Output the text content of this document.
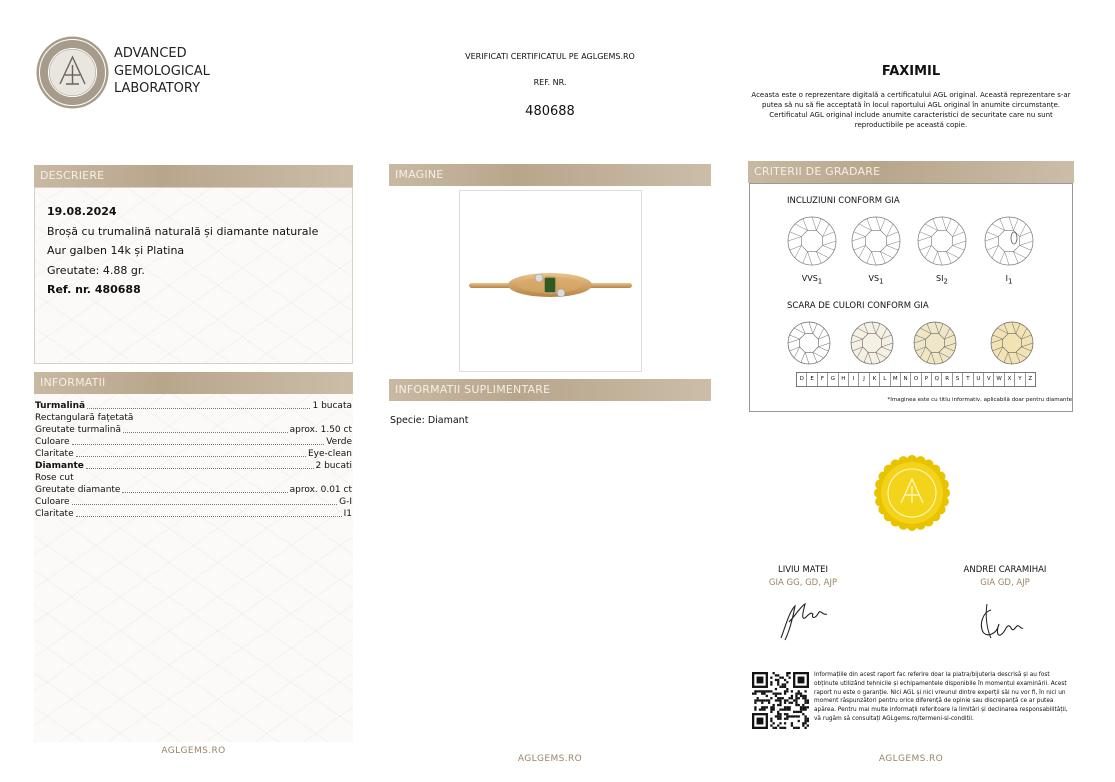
ADVANCED
GEMOLOGICAL
LABORATORY
VERIFICATI CERTIFICATUL PE AGLGEMS.RO
REF. NR.
480688
FAXIMIL
Aceasta este o reprezentare digitală a certificatului AGL original. Această reprezentare s-ar putea să nu să fie acceptată în locul raportului AGL original în anumite circumstanțe. Certificatul AGL original include anumite caracteristici de securitate care nu sunt reproductibile pe această copie.
DESCRIERE
19.08.2024
Broșă cu trumalină naturală și diamante naturale
Aur galben 14k și Platina
Greutate: 4.88 gr.
Ref. nr. 480688
INFORMATII
Turmalină	1 bucata
Rectangulară fațetată
Greutate turmalină	aprox. 1.50 ct
Culoare	Verde
Claritate	Eye-clean
Diamante	2 bucati
Rose cut
Greutate diamante	aprox. 0.01 ct
Culoare	G-I
Claritate	I1
IMAGINE
INFORMATII SUPLIMENTARE
Specie: Diamant
CRITERII DE GRADARE
INCLUZIUNI CONFORM GIA
$VVS_1$	$VS_1$	$SI_2$	$I_1$
SCARA DE CULORI CONFORM GIA
D	E	F	G	H	I	J	K	L	M	N	O	P	Q	R	S	T	U	V	W	X	Y	Z
*Imaginea este cu titlu informativ, aplicabilă doar pentru diamante
LIVIU MATEI
GIA GG, GD, AJP
ANDREI CARAMIHAI
GIA GD, AJP
Informațiile din acest raport fac referire doar la piatra/bijuteria descrisă și au fost obținute utilizând tehnicile și echipamentele disponibile în momentul examinării. Acest raport nu este o garanție. Nici AGL și nici vreunul dintre experții săi nu vor fi, în nici un moment răspunzători pentru orice diferență de opinie sau discrepanță ce ar putea apărea. Pentru mai multe informații referitoare la limitări și declinarea responsabilității, vă rugăm să consultați AGLgems.ro/termeni-si-conditii.
AGLGEMS.RO
AGLGEMS.RO	AGLGEMS.RO
